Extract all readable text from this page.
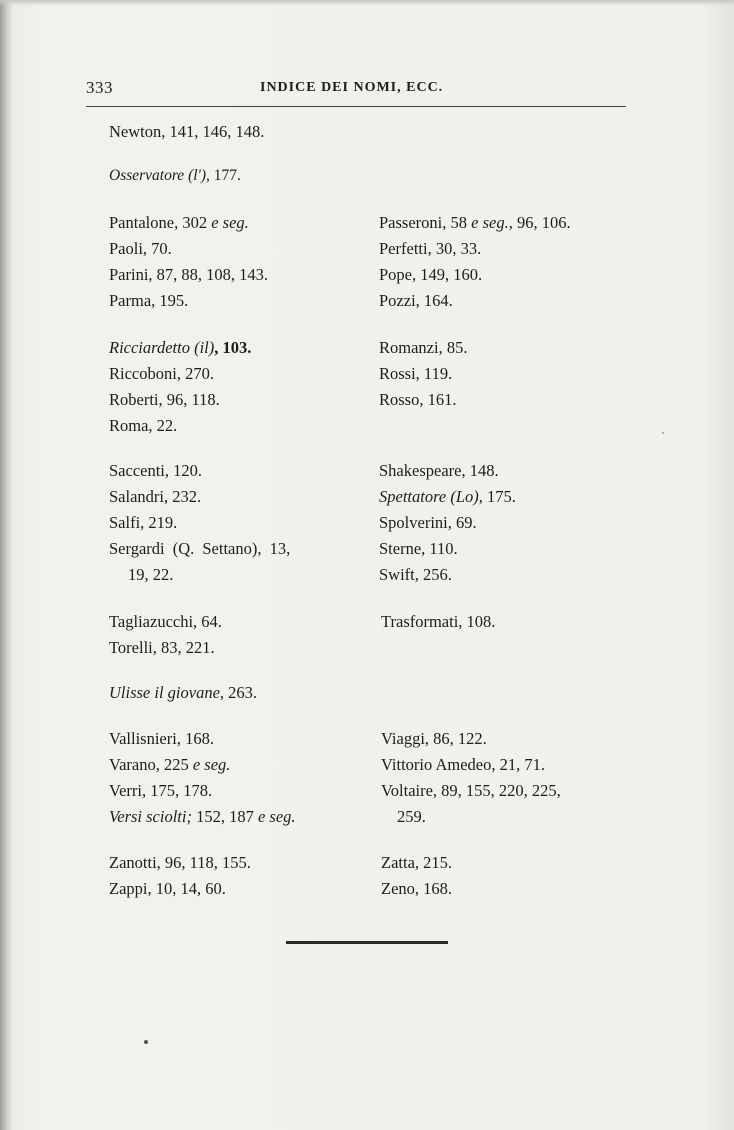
333	INDICE DEI NOMI, ECC.
Newton, 141, 146, 148.
Osservatore (l'), 177.
Pantalone, 302 e seg.
Paoli, 70.
Parini, 87, 88, 108, 143.
Parma, 195.
Passeroni, 58 e seg., 96, 106.
Perfetti, 30, 33.
Pope, 149, 160.
Pozzi, 164.
Ricciardetto (il), 103.
Riccoboni, 270.
Roberti, 96, 118.
Roma, 22.
Romanzi, 85.
Rossi, 119.
Rosso, 161.
Saccenti, 120.
Salandri, 232.
Salfi, 219.
Sergardi (Q. Settano), 13,
19, 22.
Shakespeare, 148.
Spettatore (Lo), 175.
Spolverini, 69.
Sterne, 110.
Swift, 256.
Tagliazucchi, 64.
Torelli, 83, 221.
Trasformati, 108.
Ulisse il giovane, 263.
Vallisnieri, 168.
Varano, 225 e seg.
Verri, 175, 178.
Versi sciolti; 152, 187 e seg.
Viaggi, 86, 122.
Vittorio Amedeo, 21, 71.
Voltaire, 89, 155, 220, 225,
259.
Zanotti, 96, 118, 155.
Zappi, 10, 14, 60.
Zatta, 215.
Zeno, 168.
